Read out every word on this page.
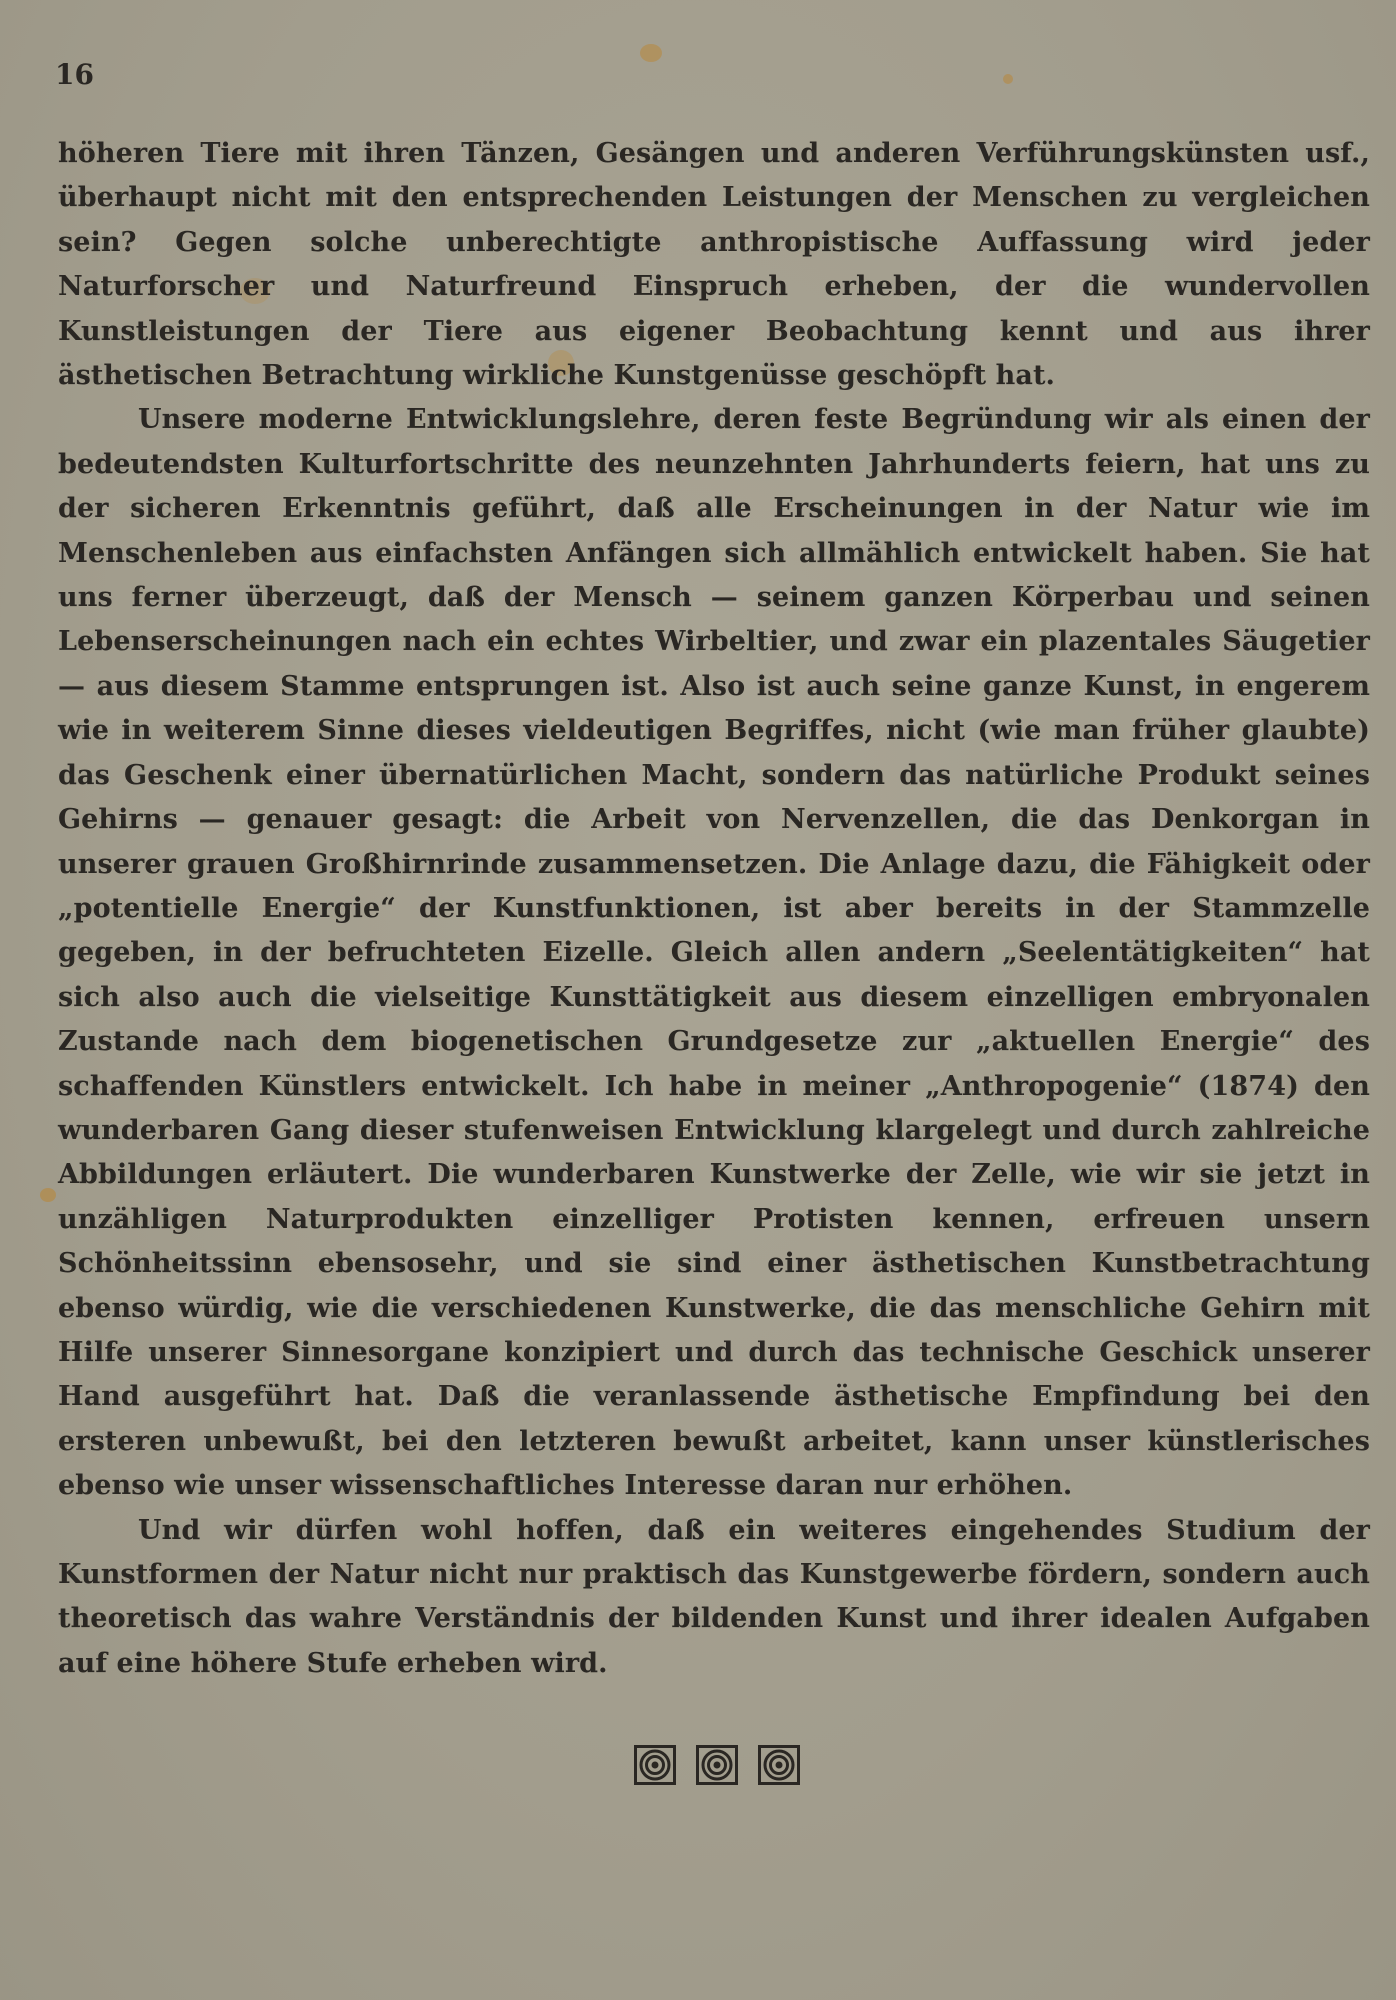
16

höheren Tiere mit ihren Tänzen, Gesängen und anderen Verführungskünsten usf., überhaupt nicht mit den entsprechenden Leistungen der Menschen zu vergleichen sein? Gegen solche unberechtigte anthropistische Auffassung wird jeder Naturforscher und Naturfreund Einspruch erheben, der die wundervollen Kunstleistungen der Tiere aus eigener Beobachtung kennt und aus ihrer ästhetischen Betrachtung wirkliche Kunstgenüsse geschöpft hat.

Unsere moderne Entwicklungslehre, deren feste Begründung wir als einen der bedeutendsten Kulturfortschritte des neunzehnten Jahrhunderts feiern, hat uns zu der sicheren Erkenntnis geführt, daß alle Erscheinungen in der Natur wie im Menschenleben aus einfachsten Anfängen sich allmählich entwickelt haben. Sie hat uns ferner überzeugt, daß der Mensch — seinem ganzen Körperbau und seinen Lebenserscheinungen nach ein echtes Wirbeltier, und zwar ein plazentales Säugetier — aus diesem Stamme entsprungen ist. Also ist auch seine ganze Kunst, in engerem wie in weiterem Sinne dieses vieldeutigen Begriffes, nicht (wie man früher glaubte) das Geschenk einer übernatürlichen Macht, sondern das natürliche Produkt seines Gehirns — genauer gesagt: die Arbeit von Nervenzellen, die das Denkorgan in unserer grauen Großhirnrinde zusammensetzen. Die Anlage dazu, die Fähigkeit oder „potentielle Energie“ der Kunstfunktionen, ist aber bereits in der Stammzelle gegeben, in der befruchteten Eizelle. Gleich allen andern „Seelentätigkeiten“ hat sich also auch die vielseitige Kunsttätigkeit aus diesem einzelligen embryonalen Zustande nach dem biogenetischen Grundgesetze zur „aktuellen Energie“ des schaffenden Künstlers entwickelt. Ich habe in meiner „Anthropogenie“ (1874) den wunderbaren Gang dieser stufenweisen Entwicklung klargelegt und durch zahlreiche Abbildungen erläutert. Die wunderbaren Kunstwerke der Zelle, wie wir sie jetzt in unzähligen Naturprodukten einzelliger Protisten kennen, erfreuen unsern Schönheitssinn ebensosehr, und sie sind einer ästhetischen Kunstbetrachtung ebenso würdig, wie die verschiedenen Kunstwerke, die das menschliche Gehirn mit Hilfe unserer Sinnesorgane konzipiert und durch das technische Geschick unserer Hand ausgeführt hat. Daß die veranlassende ästhetische Empfindung bei den ersteren unbewußt, bei den letzteren bewußt arbeitet, kann unser künstlerisches ebenso wie unser wissenschaftliches Interesse daran nur erhöhen.

Und wir dürfen wohl hoffen, daß ein weiteres eingehendes Studium der Kunstformen der Natur nicht nur praktisch das Kunstgewerbe fördern, sondern auch theoretisch das wahre Verständnis der bildenden Kunst und ihrer idealen Aufgaben auf eine höhere Stufe erheben wird.
